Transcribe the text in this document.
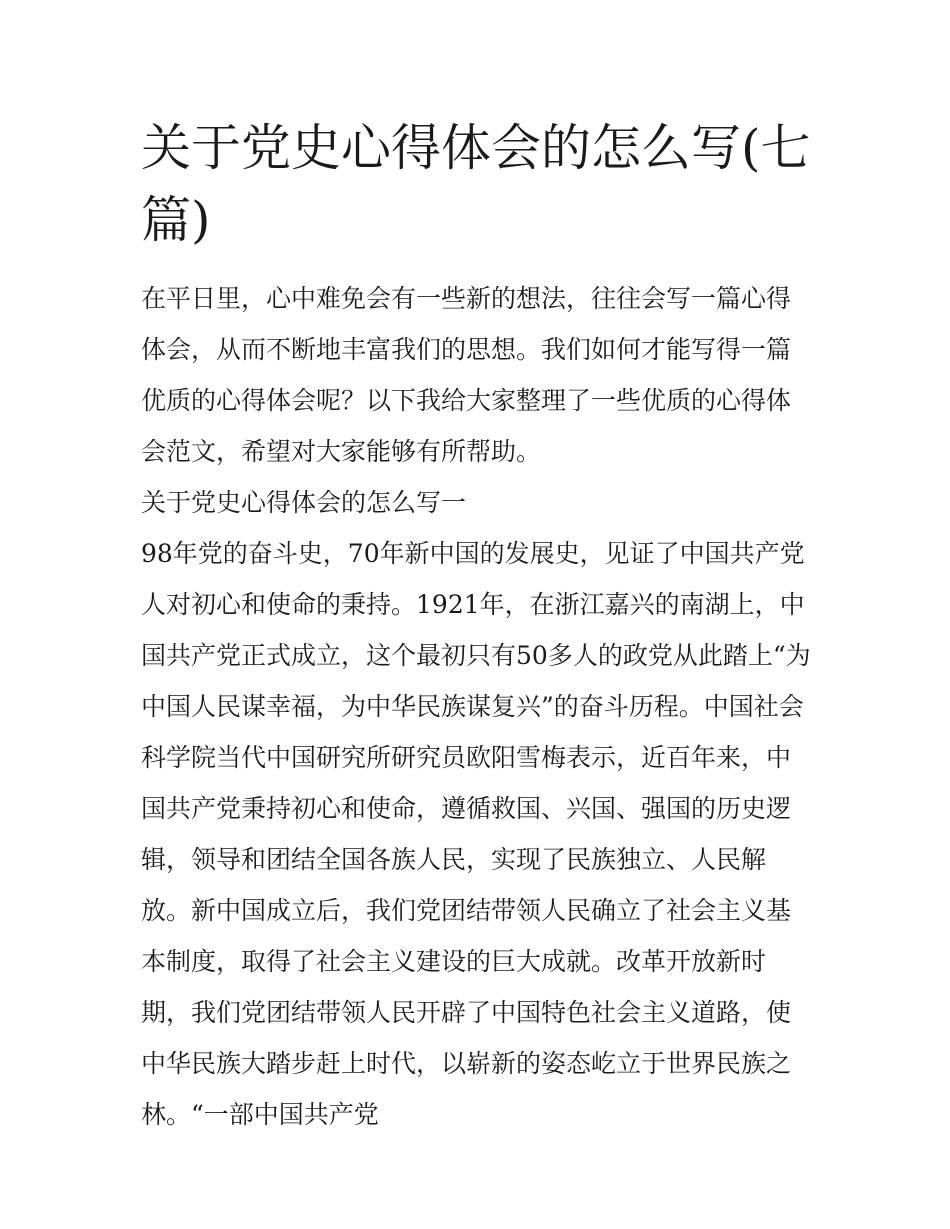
关于党史心得体会的怎么写(七篇)

在平日里，心中难免会有一些新的想法，往往会写一篇心得体会，从而不断地丰富我们的思想。我们如何才能写得一篇优质的心得体会呢？以下我给大家整理了一些优质的心得体会范文，希望对大家能够有所帮助。

关于党史心得体会的怎么写一

98年党的奋斗史，70年新中国的发展史，见证了中国共产党人对初心和使命的秉持。1921年，在浙江嘉兴的南湖上，中国共产党正式成立，这个最初只有50多人的政党从此踏上“为中国人民谋幸福，为中华民族谋复兴”的奋斗历程。中国社会科学院当代中国研究所研究员欧阳雪梅表示，近百年来，中国共产党秉持初心和使命，遵循救国、兴国、强国的历史逻辑，领导和团结全国各族人民，实现了民族独立、人民解放。新中国成立后，我们党团结带领人民确立了社会主义基本制度，取得了社会主义建设的巨大成就。改革开放新时期，我们党团结带领人民开辟了中国特色社会主义道路，使中华民族大踏步赶上时代，以崭新的姿态屹立于世界民族之林。“一部中国共产党
